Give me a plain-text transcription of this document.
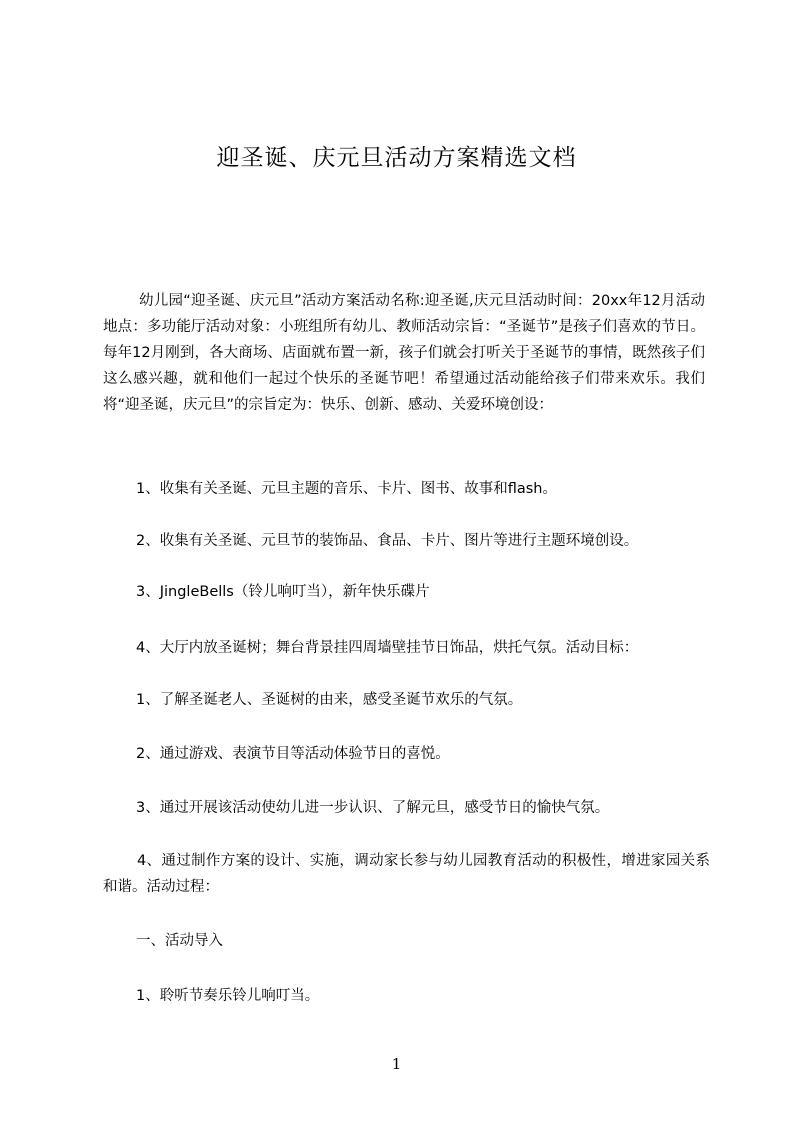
迎圣诞、庆元旦活动方案精选文档

幼儿园“迎圣诞、庆元旦”活动方案活动名称:迎圣诞,庆元旦活动时间：20xx年12月活动地点：多功能厅活动对象：小班组所有幼儿、教师活动宗旨：“圣诞节”是孩子们喜欢的节日。每年12月刚到，各大商场、店面就布置一新，孩子们就会打听关于圣诞节的事情，既然孩子们这么感兴趣，就和他们一起过个快乐的圣诞节吧！希望通过活动能给孩子们带来欢乐。我们将“迎圣诞，庆元旦”的宗旨定为：快乐、创新、感动、关爱环境创设：

1、收集有关圣诞、元旦主题的音乐、卡片、图书、故事和flash。

2、收集有关圣诞、元旦节的装饰品、食品、卡片、图片等进行主题环境创设。

3、JingleBells（铃儿响叮当），新年快乐碟片

4、大厅内放圣诞树；舞台背景挂四周墙壁挂节日饰品，烘托气氛。活动目标：

1、了解圣诞老人、圣诞树的由来，感受圣诞节欢乐的气氛。

2、通过游戏、表演节目等活动体验节日的喜悦。

3、通过开展该活动使幼儿进一步认识、了解元旦，感受节日的愉快气氛。

4、通过制作方案的设计、实施，调动家长参与幼儿园教育活动的积极性，增进家园关系和谐。活动过程：

一、活动导入

1、聆听节奏乐铃儿响叮当。

1
